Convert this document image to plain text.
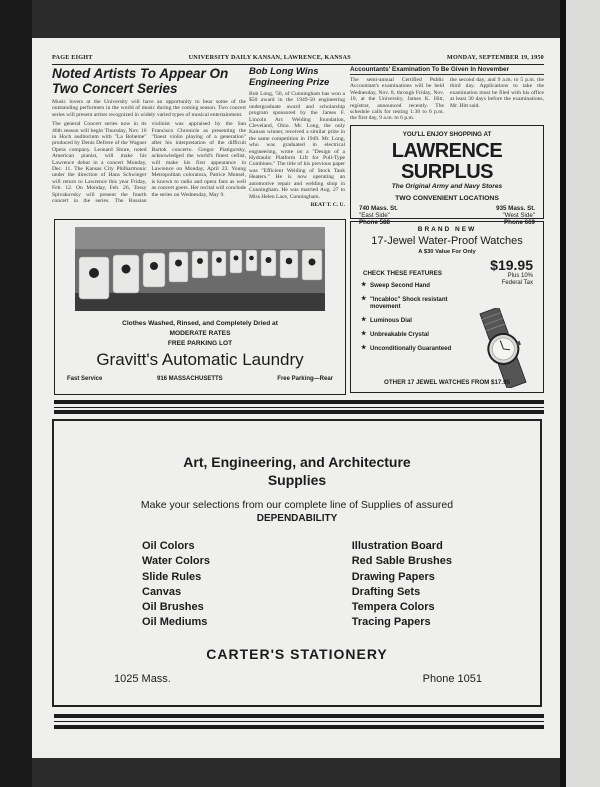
PAGE EIGHT	UNIVERSITY DAILY KANSAN, LAWRENCE, KANSAS	MONDAY, SEPTEMBER 19, 1950
Noted Artists To Appear On Two Concert Series
Music lovers at the University will have an opportunity to hear some of the outstanding performers in the world of music during the coming season. Two concert series will present artists recognized in widely varied types of musical entertainment.
The general Concert series now in its 46th season will begin Thursday, Nov. 16 in Hoch auditorium with "La Boheme" produced by Denis Defrere of the Wagner Opera company. Leonard Shure, noted American pianist, will make his Lawrence debut in a concert Monday, Dec. 11. The Kansas City Philharmonic under the direction of Hans Schwieger will return to Lawrence this year Friday, Feb. 12. On Monday, Feb. 26, Tossy Spivakovsky will present the fourth concert in the series. The Russian violinist was appraised by the San Francisco Chronicle as presenting the "finest violin playing of a generation" after his interpretation of the difficult Bartok concerto. Gregor Piatigorsky, acknowledged the world's finest cellist, will make his first appearance in Lawrence on Monday, April 23. Young Metropolitan coloratura, Patrice Munsel, is known to radio and opera fans as well as concert goers. Her recital will conclude the series on Wednesday, May 9.
Bob Long Wins Engineering Prize
Bob Long, '50, of Cunningham has won a $50 award in the 1949-50 engineering undergraduate award and scholarship program sponsored by the James F. Lincoln Arc Welding foundation, Cleveland, Ohio. Mr. Long, the only Kansas winner, received a similar prize in the same competition in 1949. Mr. Long, who was graduated in electrical engineering, wrote on a "Design of a Hydraulic Platform Lift for Pull-Type Combines." The title of his previous paper was "Efficient Welding of Stock Tank Heaters." He is now operating an automotive repair and welding shop in Cunningham. He was married Aug. 27 to Miss Helen Lace, Cunningham.
BEAT T. C. U.
Accountants' Examination To Be Given In November
The semi-annual Certified Public Accountant's examinations will be held Wednesday, Nov. 8, through Friday, Nov. 10, at the University, James K. Hitt, registrar, announced recently. The schedule calls for testing 1:30 to 6 p.m. the first day, 9 a.m. to 6 p.m.
the second day, and 9 a.m. to 5 p.m. the third day. Applications to take the examination must be filed with his office at least 30 days before the examinations, Mr. Hitt said.
YOU'LL ENJOY SHOPPING AT
LAWRENCE SURPLUS
The Original Army and Navy Stores
TWO CONVENIENT LOCATIONS
740 Mass. St.
"East Side"
Phone 588
935 Mass. St.
"West Side"
Phone 669
Clothes Washed, Rinsed, and Completely Dried at
MODERATE RATES
FREE PARKING LOT
Gravitt's Automatic Laundry
Fast Service	916 MASSACHUSETTS	Free Parking—Rear
BRAND NEW
17-Jewel Water-Proof Watches
A $30 Value For Only
$19.95
Plus 10%
Federal Tax
CHECK THESE FEATURES
★ Sweep Second Hand
★ "Incabloc" Shock resistant movement
★ Luminous Dial
★ Unbreakable Crystal
★ Unconditionally Guaranteed
OTHER 17 JEWEL WATCHES FROM $17.95
Art, Engineering, and Architecture
Supplies
Make your selections from our complete line of Supplies of assured
DEPENDABILITY
Oil Colors
Water Colors
Slide Rules
Canvas
Oil Brushes
Oil Mediums
Illustration Board
Red Sable Brushes
Drawing Papers
Drafting Sets
Tempera Colors
Tracing Papers
CARTER'S STATIONERY
1025 Mass.	Phone 1051
